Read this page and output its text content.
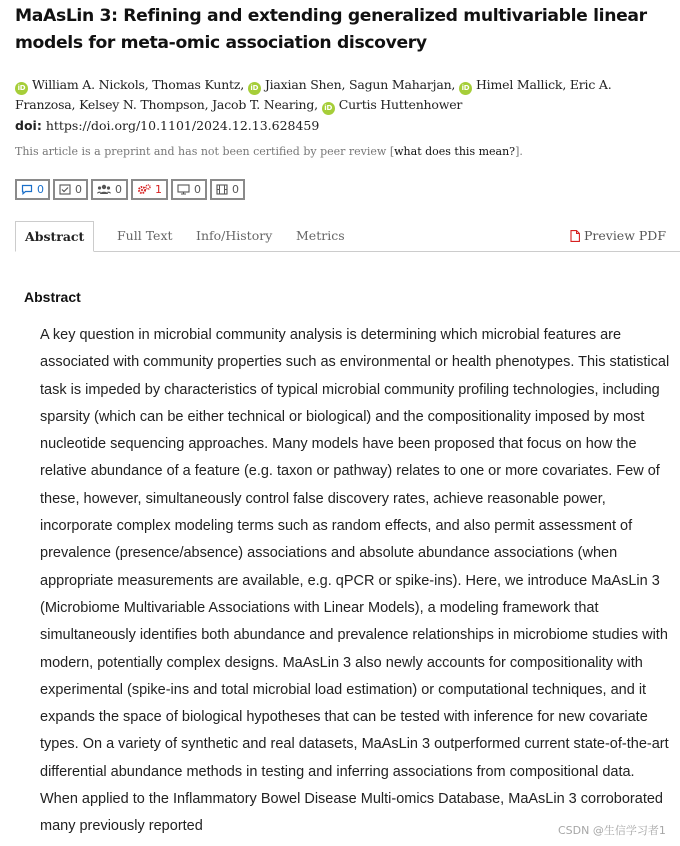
MaAsLin 3: Refining and extending generalized multivariable linear models for meta-omic association discovery
iD William A. Nickols, Thomas Kuntz, iD Jiaxian Shen, Sagun Maharjan, iD Himel Mallick, Eric A. Franzosa, Kelsey N. Thompson, Jacob T. Nearing, iD Curtis Huttenhower
doi: https://doi.org/10.1101/2024.12.13.628459
This article is a preprint and has not been certified by peer review [what does this mean?].
0	0	0	1	0	0
Abstract	Full Text Info/History Metrics	Preview PDF
Abstract

A key question in microbial community analysis is determining which microbial features are associated with community properties such as environmental or health phenotypes. This statistical task is impeded by characteristics of typical microbial community profiling technologies, including sparsity (which can be either technical or biological) and the compositionality imposed by most nucleotide sequencing approaches. Many models have been proposed that focus on how the relative abundance of a feature (e.g. taxon or pathway) relates to one or more covariates. Few of these, however, simultaneously control false discovery rates, achieve reasonable power, incorporate complex modeling terms such as random effects, and also permit assessment of prevalence (presence/absence) associations and absolute abundance associations (when appropriate measurements are available, e.g. qPCR or spike-ins). Here, we introduce MaAsLin 3 (Microbiome Multivariable Associations with Linear Models), a modeling framework that simultaneously identifies both abundance and prevalence relationships in microbiome studies with modern, potentially complex designs. MaAsLin 3 also newly accounts for compositionality with experimental (spike-ins and total microbial load estimation) or computational techniques, and it expands the space of biological hypotheses that can be tested with inference for new covariate types. On a variety of synthetic and real datasets, MaAsLin 3 outperformed current state-of-the-art differential abundance methods in testing and inferring associations from compositional data. When applied to the Inflammatory Bowel Disease Multi-omics Database, MaAsLin 3 corroborated many previously reported	CSDN @生信学习者1
